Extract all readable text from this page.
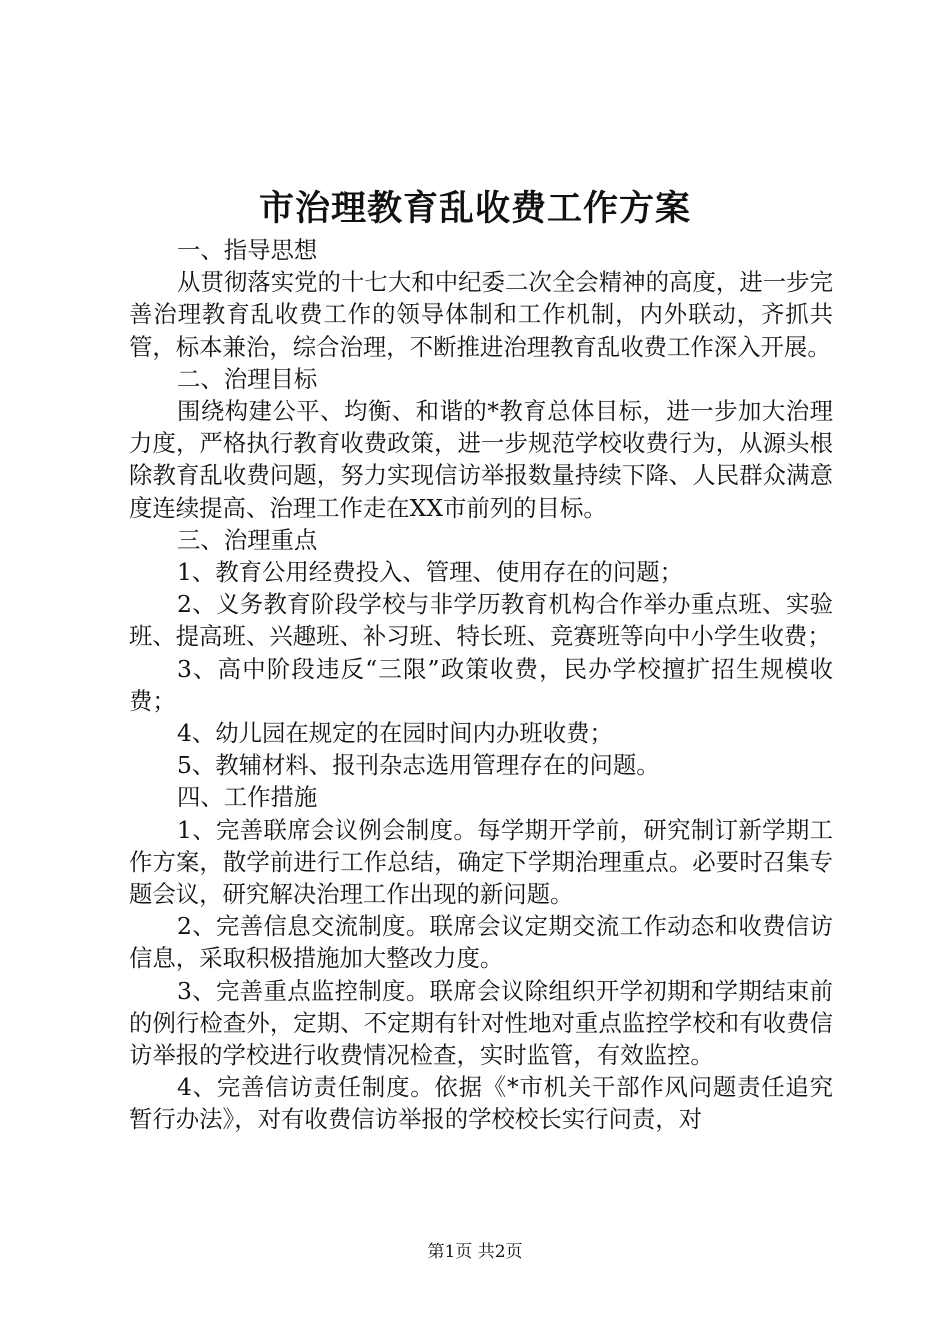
市治理教育乱收费工作方案

一、指导思想

从贯彻落实党的十七大和中纪委二次全会精神的高度，进一步完善治理教育乱收费工作的领导体制和工作机制，内外联动，齐抓共管，标本兼治，综合治理，不断推进治理教育乱收费工作深入开展。

二、治理目标

围绕构建公平、均衡、和谐的*教育总体目标，进一步加大治理力度，严格执行教育收费政策，进一步规范学校收费行为，从源头根除教育乱收费问题，努力实现信访举报数量持续下降、人民群众满意度连续提高、治理工作走在XX市前列的目标。

三、治理重点

1、教育公用经费投入、管理、使用存在的问题；

2、义务教育阶段学校与非学历教育机构合作举办重点班、实验班、提高班、兴趣班、补习班、特长班、竞赛班等向中小学生收费；

3、高中阶段违反“三限”政策收费，民办学校擅扩招生规模收费；

4、幼儿园在规定的在园时间内办班收费；

5、教辅材料、报刊杂志选用管理存在的问题。

四、工作措施

1、完善联席会议例会制度。每学期开学前，研究制订新学期工作方案，散学前进行工作总结，确定下学期治理重点。必要时召集专题会议，研究解决治理工作出现的新问题。

2、完善信息交流制度。联席会议定期交流工作动态和收费信访信息，采取积极措施加大整改力度。

3、完善重点监控制度。联席会议除组织开学初期和学期结束前的例行检查外，定期、不定期有针对性地对重点监控学校和有收费信访举报的学校进行收费情况检查，实时监管，有效监控。

4、完善信访责任制度。依据《*市机关干部作风问题责任追究暂行办法》，对有收费信访举报的学校校长实行问责，对

第1页 共2页
